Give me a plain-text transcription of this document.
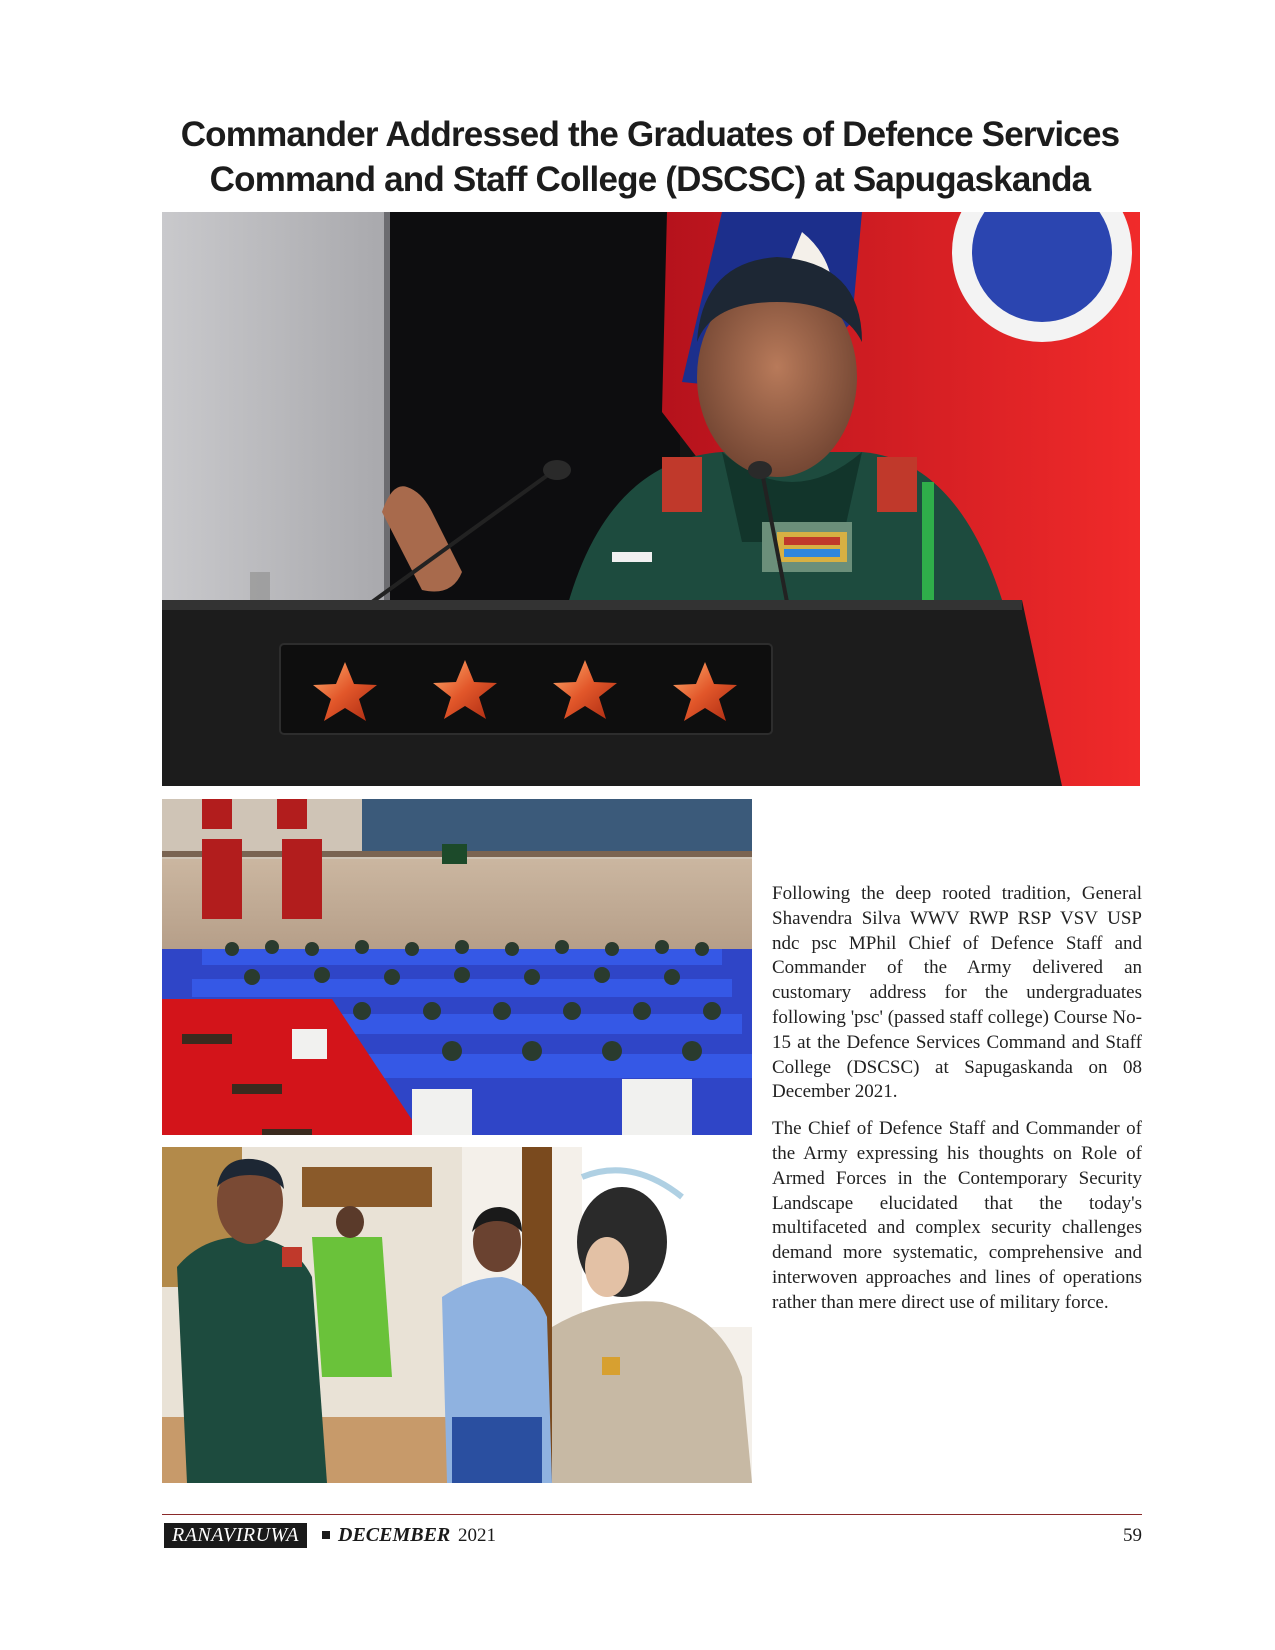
Commander Addressed the Graduates of Defence Services
Command and Staff College (DSCSC) at Sapugaskanda

Following the deep rooted tradition, General Shavendra Silva WWV RWP RSP VSV USP ndc psc MPhil Chief of Defence Staff and Commander of the Army delivered an customary address for the undergraduates following 'psc' (passed staff college) Course No-15 at the Defence Services Command and Staff College (DSCSC) at Sapugaskanda on 08 December 2021.

The Chief of Defence Staff and Commander of the Army expressing his thoughts on Role of Armed Forces in the Contemporary Security Landscape elucidated that the today's multifaceted and complex security challenges demand more systematic, comprehensive and interwoven approaches and lines of operations rather than mere direct use of military force.

RANAVIRUWA	DECEMBER 2021	59
